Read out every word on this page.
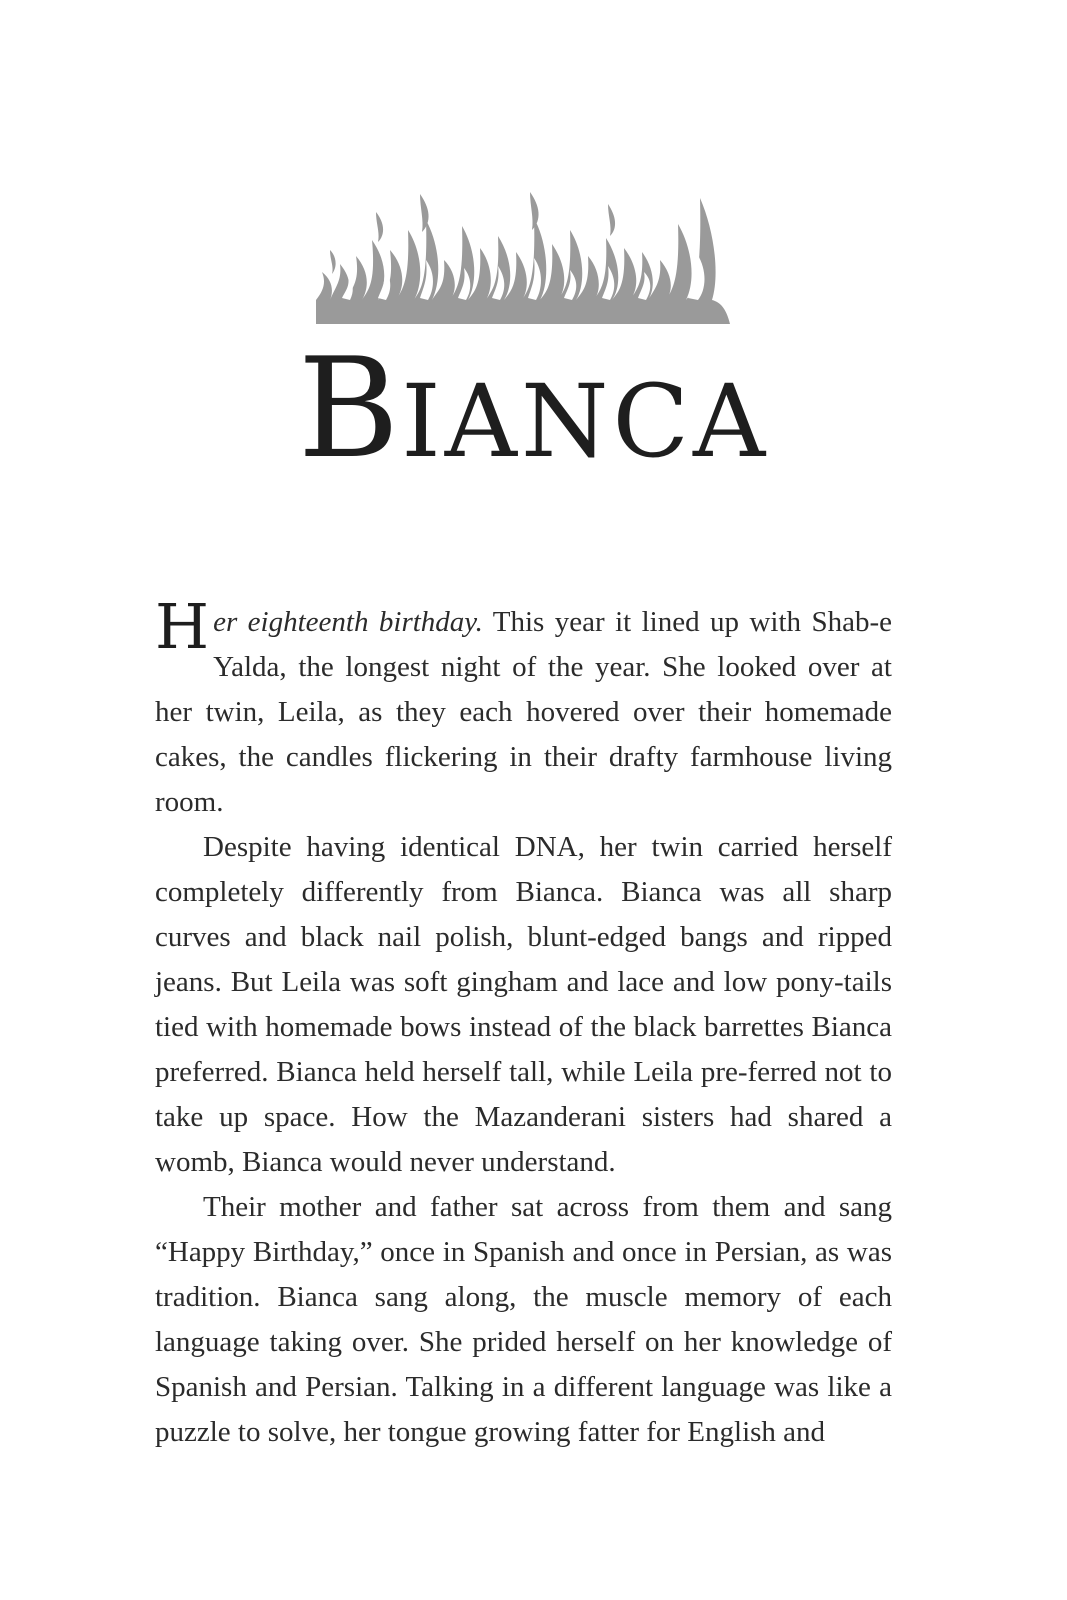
BIANCA

Her eighteenth birthday. This year it lined up with Shab-e Yalda, the longest night of the year. She looked over at her twin, Leila, as they each hovered over their homemade cakes, the candles flickering in their drafty farmhouse living room.

Despite having identical DNA, her twin carried herself completely differently from Bianca. Bianca was all sharp curves and black nail polish, blunt-edged bangs and ripped jeans. But Leila was soft gingham and lace and low pony-tails tied with homemade bows instead of the black barrettes Bianca preferred. Bianca held herself tall, while Leila pre-ferred not to take up space. How the Mazanderani sisters had shared a womb, Bianca would never understand.

Their mother and father sat across from them and sang “Happy Birthday,” once in Spanish and once in Persian, as was tradition. Bianca sang along, the muscle memory of each language taking over. She prided herself on her knowledge of Spanish and Persian. Talking in a different language was like a puzzle to solve, her tongue growing fatter for English and
